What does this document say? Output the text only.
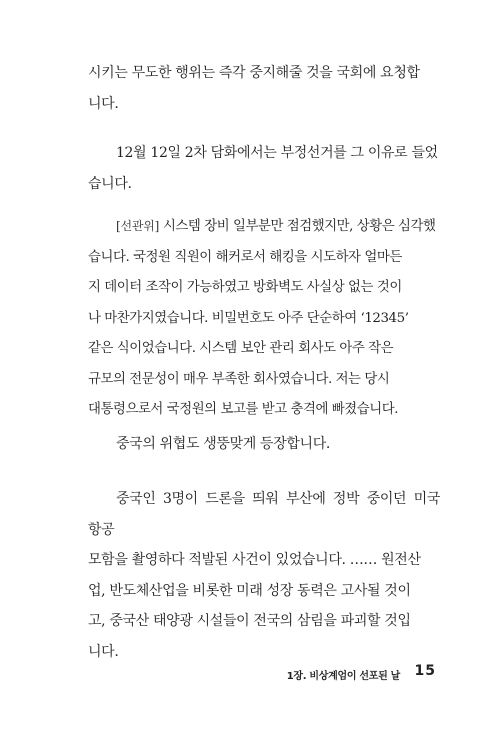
시키는 무도한 행위는 즉각 중지해줄 것을 국회에 요청합
니다.

12월 12일 2차 담화에서는 부정선거를 그 이유로 들었
습니다.

[선관위] 시스템 장비 일부분만 점검했지만, 상황은 심각했
습니다. 국정원 직원이 해커로서 해킹을 시도하자 얼마든
지 데이터 조작이 가능하였고 방화벽도 사실상 없는 것이
나 마찬가지였습니다. 비밀번호도 아주 단순하여 ‘12345’
같은 식이었습니다. 시스템 보안 관리 회사도 아주 작은
규모의 전문성이 매우 부족한 회사였습니다. 저는 당시
대통령으로서 국정원의 보고를 받고 충격에 빠졌습니다.

중국의 위협도 생뚱맞게 등장합니다.

중국인 3명이 드론을 띄워 부산에 정박 중이던 미국 항공
모함을 촬영하다 적발된 사건이 있었습니다. …… 원전산
업, 반도체산업을 비롯한 미래 성장 동력은 고사될 것이
고, 중국산 태양광 시설들이 전국의 삼림을 파괴할 것입
니다.

1장. 비상계엄이 선포된 날 15
